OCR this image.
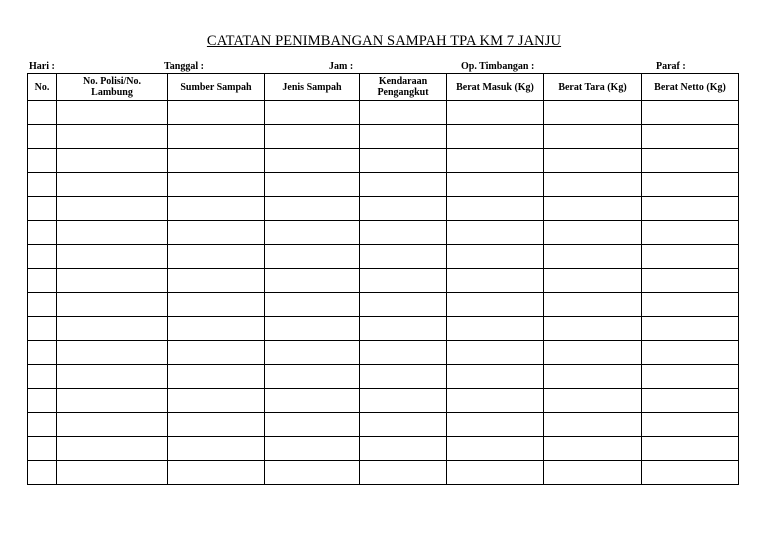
CATATAN PENIMBANGAN SAMPAH TPA KM 7 JANJU
Hari :	Tanggal :	Jam :	Op. Timbangan :	Paraf :
No.	No. Polisi/No. Lambung	Sumber Sampah	Jenis Sampah	Kendaraan Pengangkut	Berat Masuk (Kg)	Berat Tara (Kg)	Berat Netto (Kg)
